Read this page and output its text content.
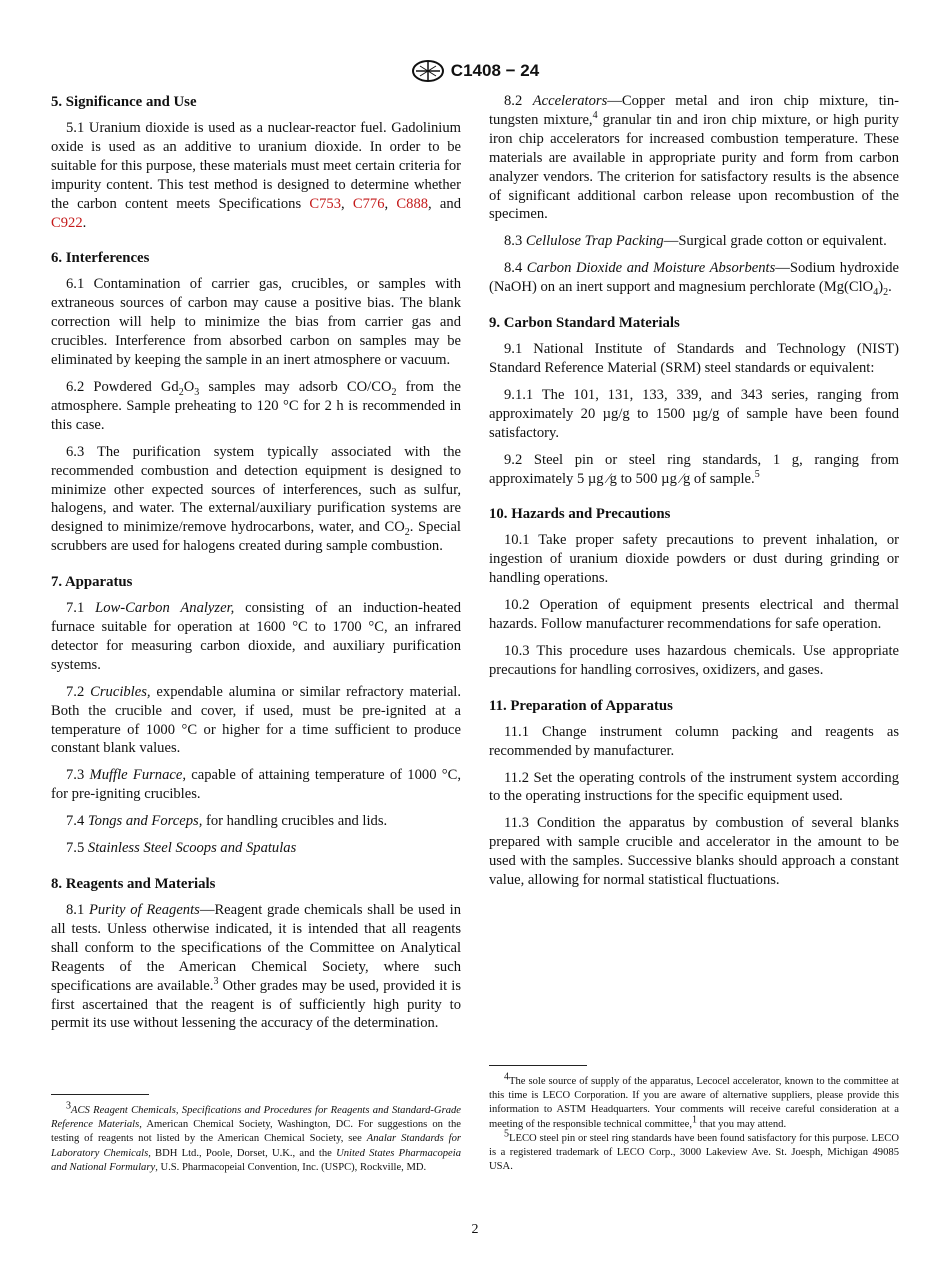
C1408 − 24
5. Significance and Use

5.1 Uranium dioxide is used as a nuclear-reactor fuel. Gadolinium oxide is used as an additive to uranium dioxide. In order to be suitable for this purpose, these materials must meet certain criteria for impurity content. This test method is designed to determine whether the carbon content meets Specifications C753, C776, C888, and C922.

6. Interferences

6.1 Contamination of carrier gas, crucibles, or samples with extraneous sources of carbon may cause a positive bias. The blank correction will help to minimize the bias from carrier gas and crucibles. Interference from absorbed carbon on samples may be eliminated by keeping the sample in an inert atmosphere or vacuum.

6.2 Powdered $Gd_2O_3$ samples may adsorb $CO/CO_2$ from the atmosphere. Sample preheating to 120 °C for 2 h is recommended in this case.

6.3 The purification system typically associated with the recommended combustion and detection equipment is designed to minimize other expected sources of interferences, such as sulfur, halogens, and water. The external/auxiliary purification systems are designed to minimize/remove hydrocarbons, water, and $CO_2$. Special scrubbers are used for halogens created during sample combustion.

7. Apparatus

7.1 Low-Carbon Analyzer, consisting of an induction-heated furnace suitable for operation at 1600 °C to 1700 °C, an infrared detector for measuring carbon dioxide, and auxiliary purification systems.

7.2 Crucibles, expendable alumina or similar refractory material. Both the crucible and cover, if used, must be pre-ignited at a temperature of 1000 °C or higher for a time sufficient to produce constant blank values.

7.3 Muffle Furnace, capable of attaining temperature of 1000 °C, for pre-igniting crucibles.

7.4 Tongs and Forceps, for handling crucibles and lids.

7.5 Stainless Steel Scoops and Spatulas

8. Reagents and Materials

8.1 Purity of Reagents—Reagent grade chemicals shall be used in all tests. Unless otherwise indicated, it is intended that all reagents shall conform to the specifications of the Committee on Analytical Reagents of the American Chemical Society, where such specifications are available.$^3$ Other grades may be used, provided it is first ascertained that the reagent is of sufficiently high purity to permit its use without lessening the accuracy of the determination.

8.2 Accelerators—Copper metal and iron chip mixture, tin-tungsten mixture,$^4$ granular tin and iron chip mixture, or high purity iron chip accelerators for increased combustion temperature. These materials are available in appropriate purity and form from carbon analyzer vendors. The criterion for satisfactory results is the absence of significant additional carbon release upon recombustion of the specimen.

8.3 Cellulose Trap Packing—Surgical grade cotton or equivalent.

8.4 Carbon Dioxide and Moisture Absorbents—Sodium hydroxide (NaOH) on an inert support and magnesium perchlorate ($Mg(ClO_4)_2$.

9. Carbon Standard Materials

9.1 National Institute of Standards and Technology (NIST) Standard Reference Material (SRM) steel standards or equivalent:

9.1.1 The 101, 131, 133, 339, and 343 series, ranging from approximately 20 µg/g to 1500 µg/g of sample have been found satisfactory.

9.2 Steel pin or steel ring standards, 1 g, ranging from approximately 5 µg ⁄g to 500 µg ⁄g of sample.$^5$

10. Hazards and Precautions

10.1 Take proper safety precautions to prevent inhalation, or ingestion of uranium dioxide powders or dust during grinding or handling operations.

10.2 Operation of equipment presents electrical and thermal hazards. Follow manufacturer recommendations for safe operation.

10.3 This procedure uses hazardous chemicals. Use appropriate precautions for handling corrosives, oxidizers, and gases.

11. Preparation of Apparatus

11.1 Change instrument column packing and reagents as recommended by manufacturer.

11.2 Set the operating controls of the instrument system according to the operating instructions for the specific equipment used.

11.3 Condition the apparatus by combustion of several blanks prepared with sample crucible and accelerator in the amount to be used with the samples. Successive blanks should approach a constant value, allowing for normal statistical fluctuations.

$^3$ACS Reagent Chemicals, Specifications and Procedures for Reagents and Standard-Grade Reference Materials, American Chemical Society, Washington, DC. For suggestions on the testing of reagents not listed by the American Chemical Society, see Analar Standards for Laboratory Chemicals, BDH Ltd., Poole, Dorset, U.K., and the United States Pharmacopeia and National Formulary, U.S. Pharmacopeial Convention, Inc. (USPC), Rockville, MD.

$^4$The sole source of supply of the apparatus, Lecocel accelerator, known to the committee at this time is LECO Corporation. If you are aware of alternative suppliers, please provide this information to ASTM Headquarters. Your comments will receive careful consideration at a meeting of the responsible technical committee,$^1$ that you may attend.

$^5$LECO steel pin or steel ring standards have been found satisfactory for this purpose. LECO is a registered trademark of LECO Corp., 3000 Lakeview Ave. St. Joesph, Michigan 49085 USA.

2
